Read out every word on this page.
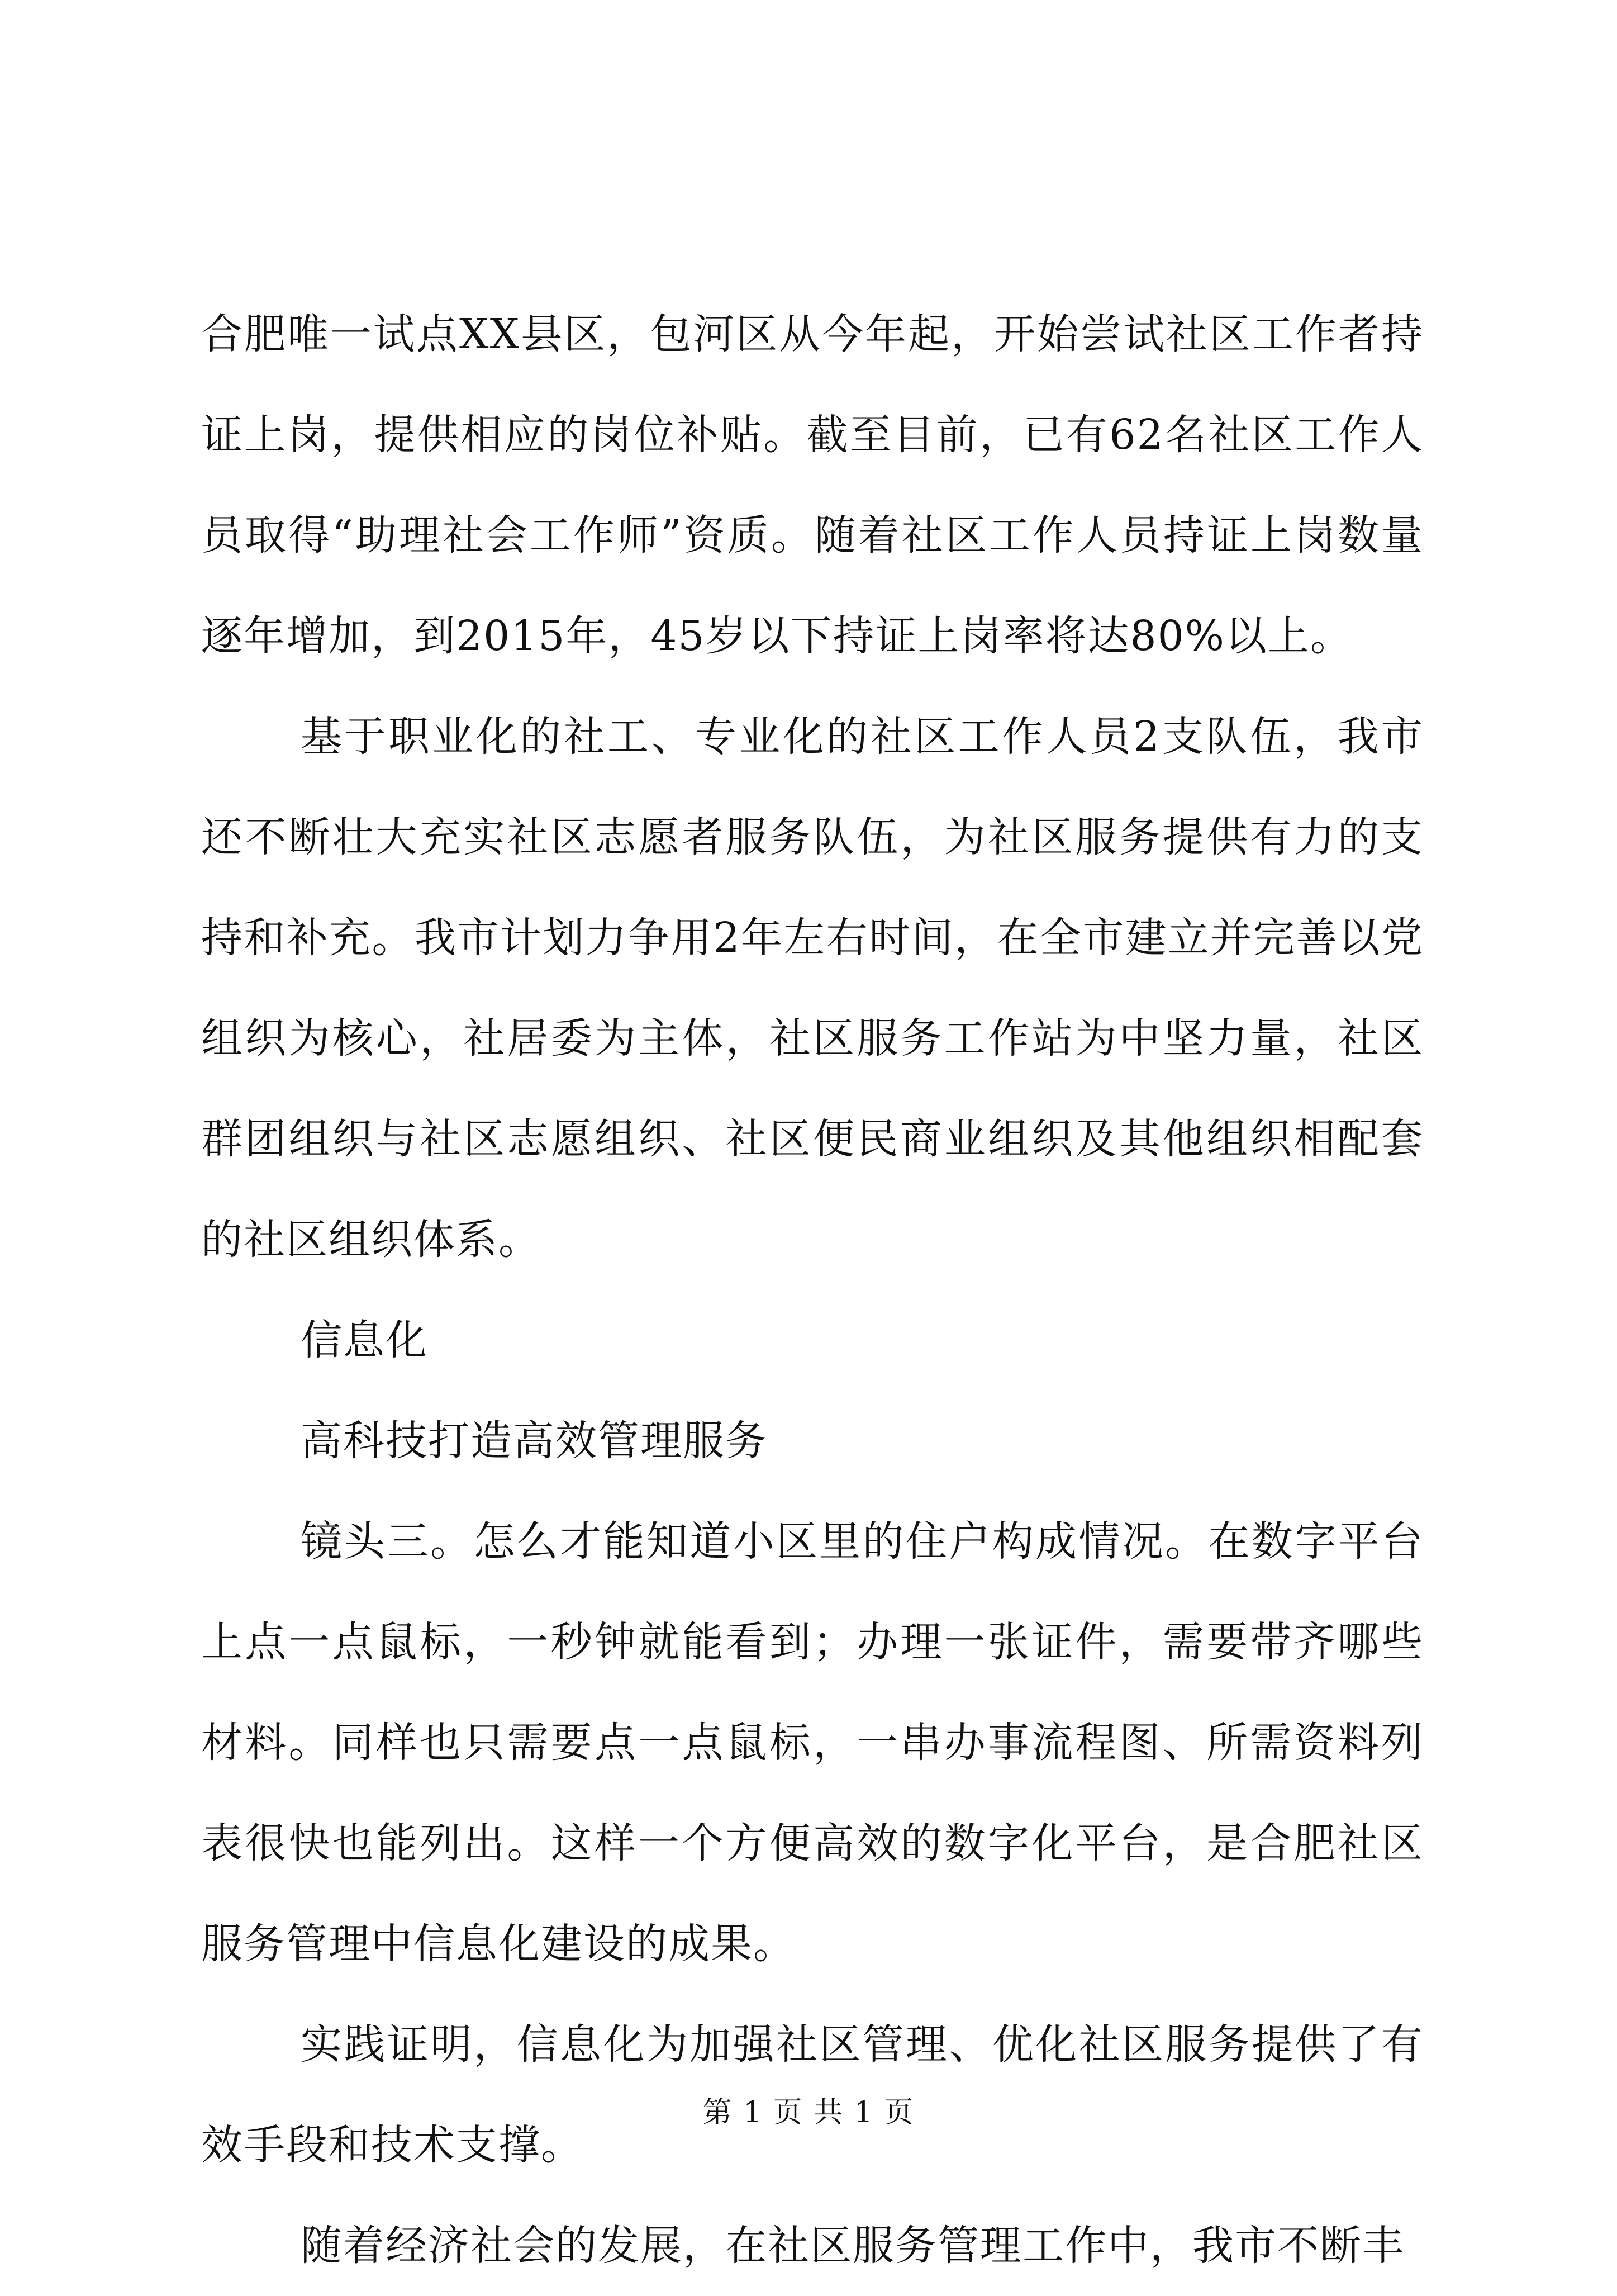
合肥唯一试点XX县区，包河区从今年起，开始尝试社区工作者持证上岗，提供相应的岗位补贴。截至目前，已有62名社区工作人员取得“助理社会工作师”资质。随着社区工作人员持证上岗数量逐年增加，到2015年，45岁以下持证上岗率将达80%以上。

基于职业化的社工、专业化的社区工作人员2支队伍，我市还不断壮大充实社区志愿者服务队伍，为社区服务提供有力的支持和补充。我市计划力争用2年左右时间，在全市建立并完善以党组织为核心，社居委为主体，社区服务工作站为中坚力量，社区群团组织与社区志愿组织、社区便民商业组织及其他组织相配套的社区组织体系。

信息化

高科技打造高效管理服务

镜头三。怎么才能知道小区里的住户构成情况。在数字平台上点一点鼠标，一秒钟就能看到；办理一张证件，需要带齐哪些材料。同样也只需要点一点鼠标，一串办事流程图、所需资料列表很快也能列出。这样一个方便高效的数字化平台，是合肥社区服务管理中信息化建设的成果。

实践证明，信息化为加强社区管理、优化社区服务提供了有效手段和技术支撑。

随着经济社会的发展，在社区服务管理工作中，我市不断丰

第 1 页 共 1 页
